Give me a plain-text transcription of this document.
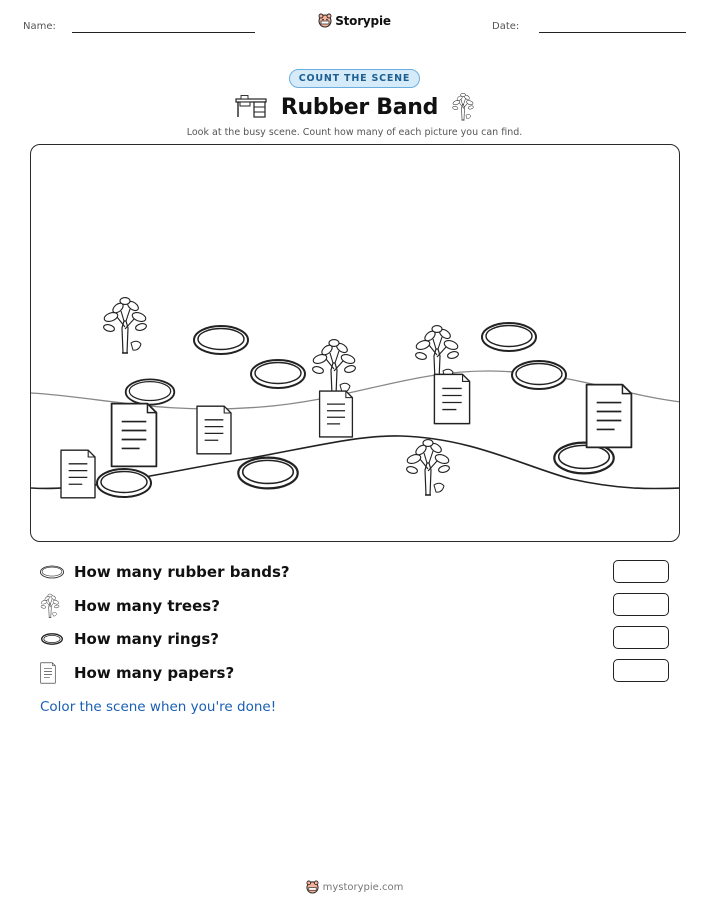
Name:	Storypie	Date:
COUNT THE SCENE
Rubber Band
Look at the busy scene. Count how many of each picture you can find.
How many rubber bands?
How many trees?
How many rings?
How many papers?
Color the scene when you're done!
mystorypie.com
